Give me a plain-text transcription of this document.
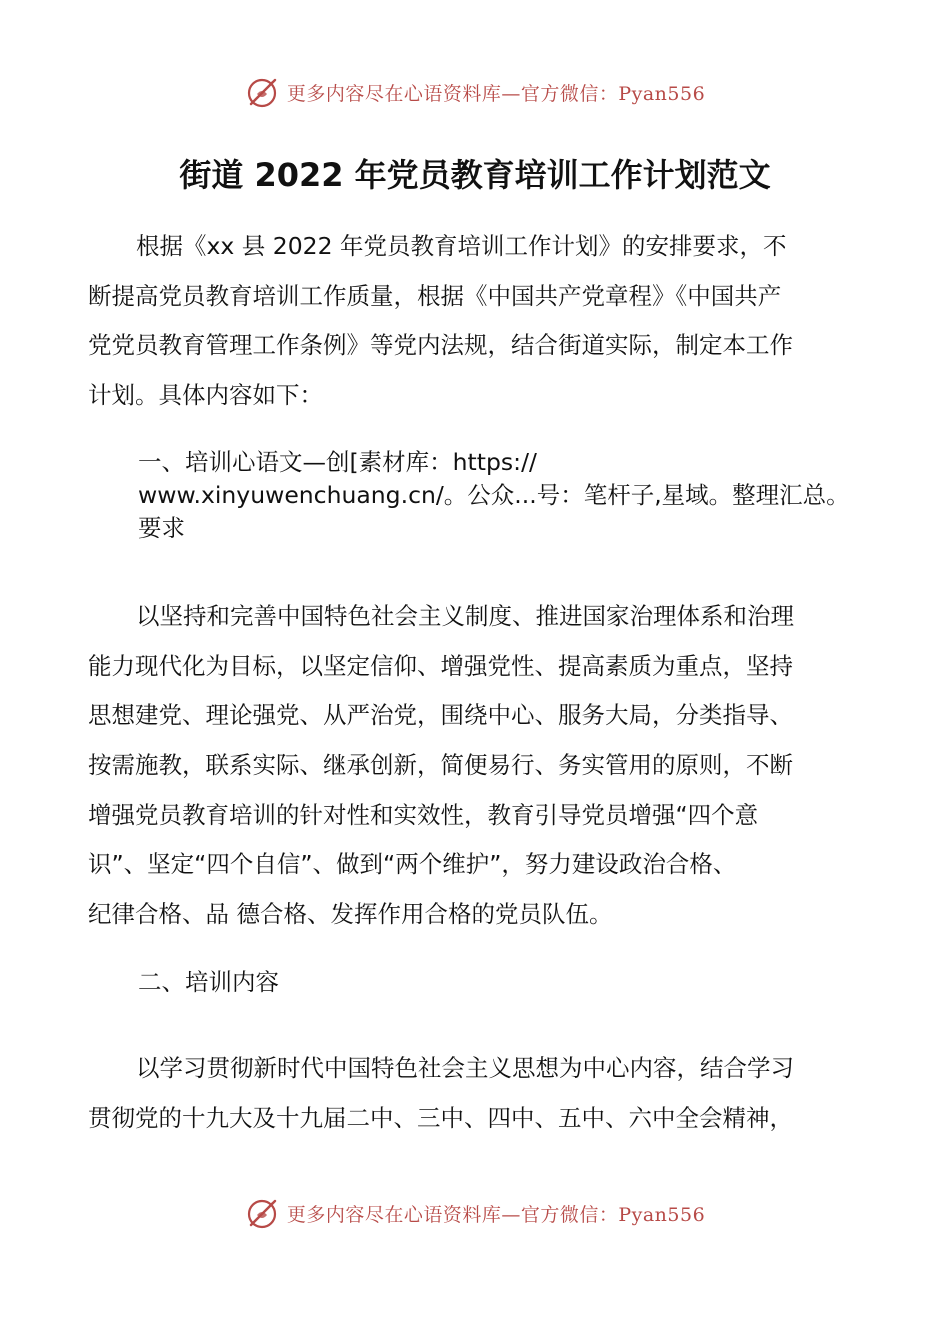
更多内容尽在心语资料库—官方微信：Pyan556
街道 2022 年党员教育培训工作计划范文
根据《xx 县 2022 年党员教育培训工作计划》的安排要求，不
断提高党员教育培训工作质量，根据《中国共产党章程》《中国共产
党党员教育管理工作条例》等党内法规，结合街道实际，制定本工作
计划。具体内容如下：
一、培训心语文—创[素材库：https://
www.xinyuwenchuang.cn/。公众...号：笔杆子,星域。整理汇总。
要求
以坚持和完善中国特色社会主义制度、推进国家治理体系和治理
能力现代化为目标，以坚定信仰、增强党性、提高素质为重点，坚持
思想建党、理论强党、从严治党，围绕中心、服务大局，分类指导、
按需施教，联系实际、继承创新，简便易行、务实管用的原则，不断
增强党员教育培训的针对性和实效性，教育引导党员增强“四个意
识”、坚定“四个自信”、做到“两个维护”，努力建设政治合格、
纪律合格、品 德合格、发挥作用合格的党员队伍。
二、培训内容
以学习贯彻新时代中国特色社会主义思想为中心内容，结合学习
贯彻党的十九大及十九届二中、三中、四中、五中、六中全会精神，
更多内容尽在心语资料库—官方微信：Pyan556
